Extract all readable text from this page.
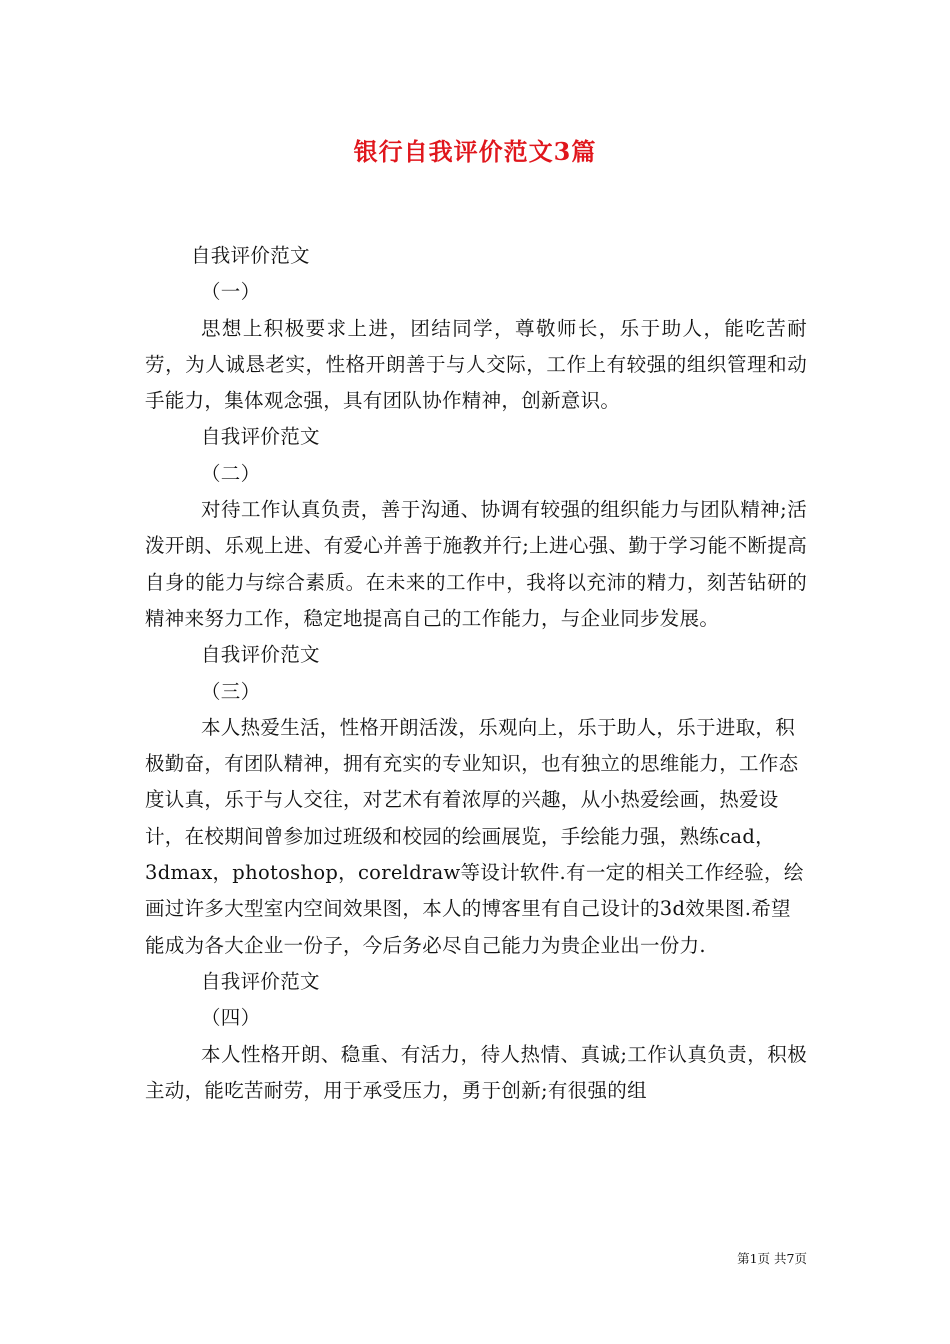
银行自我评价范文3篇
自我评价范文
（一）
思想上积极要求上进，团结同学，尊敬师长，乐于助人，能吃苦耐劳，为人诚恳老实，性格开朗善于与人交际，工作上有较强的组织管理和动手能力，集体观念强，具有团队协作精神，创新意识。
自我评价范文
（二）
对待工作认真负责，善于沟通、协调有较强的组织能力与团队精神;活泼开朗、乐观上进、有爱心并善于施教并行;上进心强、勤于学习能不断提高自身的能力与综合素质。在未来的工作中，我将以充沛的精力，刻苦钻研的精神来努力工作，稳定地提高自己的工作能力，与企业同步发展。
自我评价范文
（三）
本人热爱生活，性格开朗活泼，乐观向上，乐于助人，乐于进取，积极勤奋，有团队精神，拥有充实的专业知识，也有独立的思维能力，工作态度认真，乐于与人交往，对艺术有着浓厚的兴趣，从小热爱绘画，热爱设计，在校期间曾参加过班级和校园的绘画展览，手绘能力强，熟练cad，3dmax，photoshop，coreldraw等设计软件.有一定的相关工作经验，绘画过许多大型室内空间效果图，本人的博客里有自己设计的3d效果图.希望能成为各大企业一份子，今后务必尽自己能力为贵企业出一份力.
自我评价范文
（四）
本人性格开朗、稳重、有活力，待人热情、真诚;工作认真负责，积极主动，能吃苦耐劳，用于承受压力，勇于创新;有很强的组
第1页 共7页
